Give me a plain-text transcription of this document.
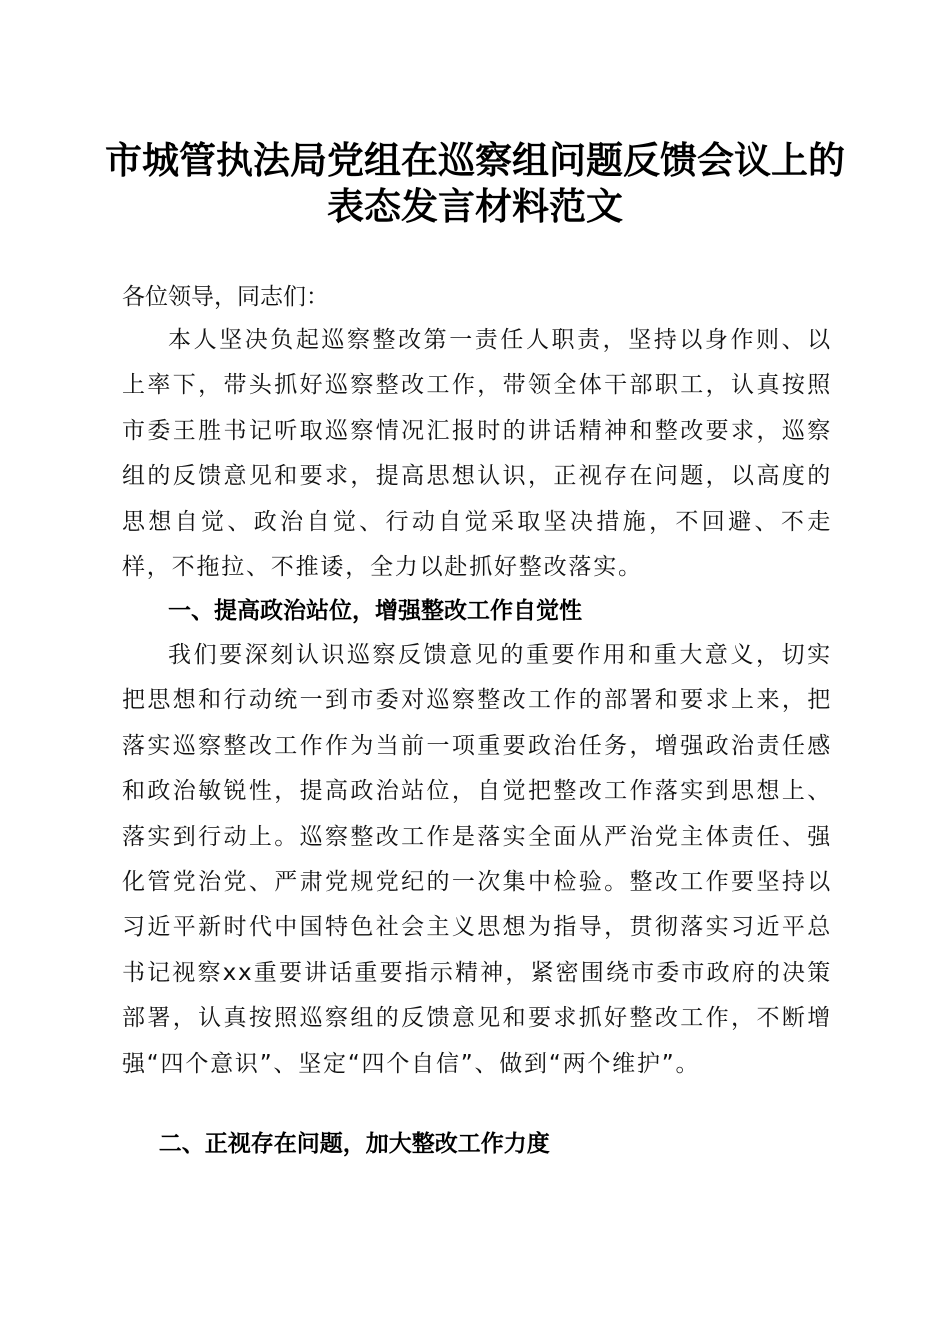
市城管执法局党组在巡察组问题反馈会议上的
表态发言材料范文
各位领导，同志们：
本人坚决负起巡察整改第一责任人职责，坚持以身作则、以上率下，带头抓好巡察整改工作，带领全体干部职工，认真按照市委王胜书记听取巡察情况汇报时的讲话精神和整改要求，巡察组的反馈意见和要求，提高思想认识，正视存在问题，以高度的思想自觉、政治自觉、行动自觉采取坚决措施，不回避、不走样，不拖拉、不推诿，全力以赴抓好整改落实。
一、提高政治站位，增强整改工作自觉性
我们要深刻认识巡察反馈意见的重要作用和重大意义，切实把思想和行动统一到市委对巡察整改工作的部署和要求上来，把落实巡察整改工作作为当前一项重要政治任务，增强政治责任感和政治敏锐性，提高政治站位，自觉把整改工作落实到思想上、落实到行动上。巡察整改工作是落实全面从严治党主体责任、强化管党治党、严肃党规党纪的一次集中检验。整改工作要坚持以习近平新时代中国特色社会主义思想为指导，贯彻落实习近平总书记视察xx重要讲话重要指示精神，紧密围绕市委市政府的决策部署，认真按照巡察组的反馈意见和要求抓好整改工作，不断增强“四个意识”、坚定“四个自信”、做到“两个维护”。
二、正视存在问题，加大整改工作力度
